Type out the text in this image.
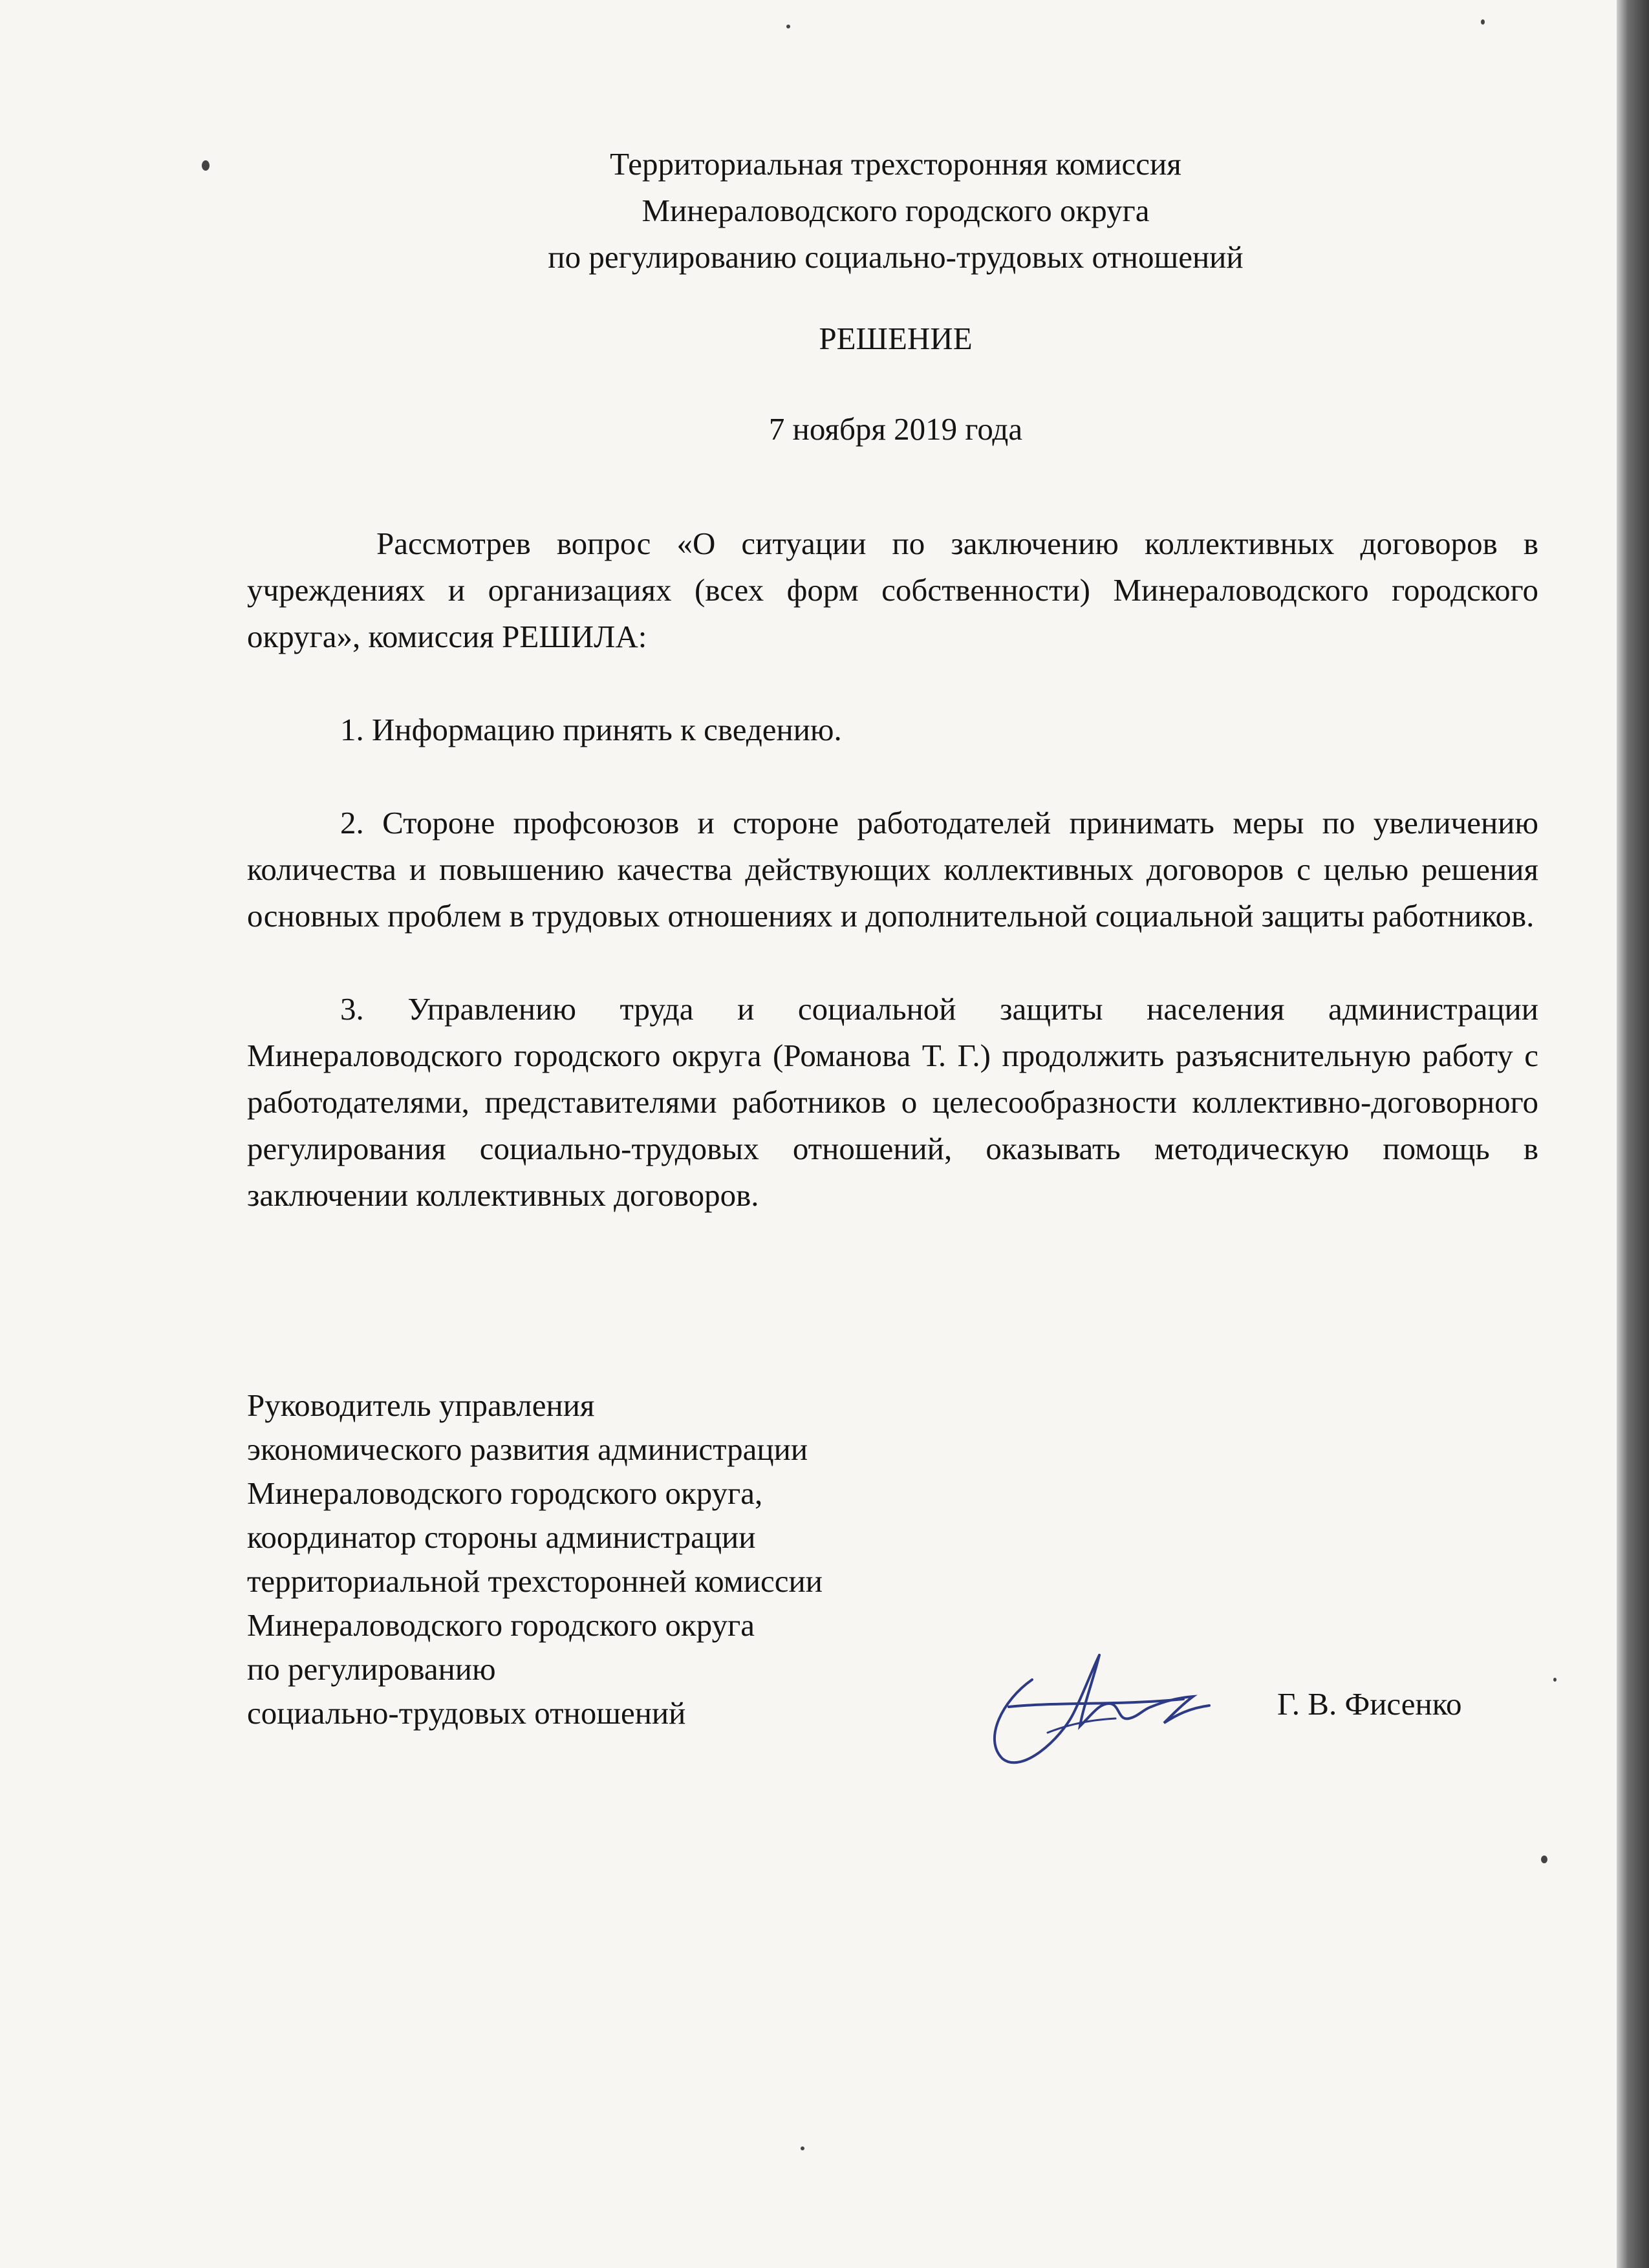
Территориальная трехсторонняя комиссия
Минераловодского городского округа
по регулированию социально-трудовых отношений
РЕШЕНИЕ
7 ноября 2019 года

Рассмотрев вопрос «О ситуации по заключению коллективных договоров в учреждениях и организациях (всех форм собственности) Минераловодского городского округа», комиссия РЕШИЛА:

1. Информацию принять к сведению.

2. Стороне профсоюзов и стороне работодателей принимать меры по увеличению количества и повышению качества действующих коллективных договоров с целью решения основных проблем в трудовых отношениях и дополнительной социальной защиты работников.

3. Управлению труда и социальной защиты населения администрации Минераловодского городского округа (Романова Т. Г.) продолжить разъяснительную работу с работодателями, представителями работников о целесообразности коллективно-договорного регулирования социально-трудовых отношений, оказывать методическую помощь в заключении коллективных договоров.

Руководитель управления
экономического развития администрации
Минераловодского городского округа,
координатор стороны администрации
территориальной трехсторонней комиссии
Минераловодского городского округа
по регулированию
социально-трудовых отношений	Г. В. Фисенко
